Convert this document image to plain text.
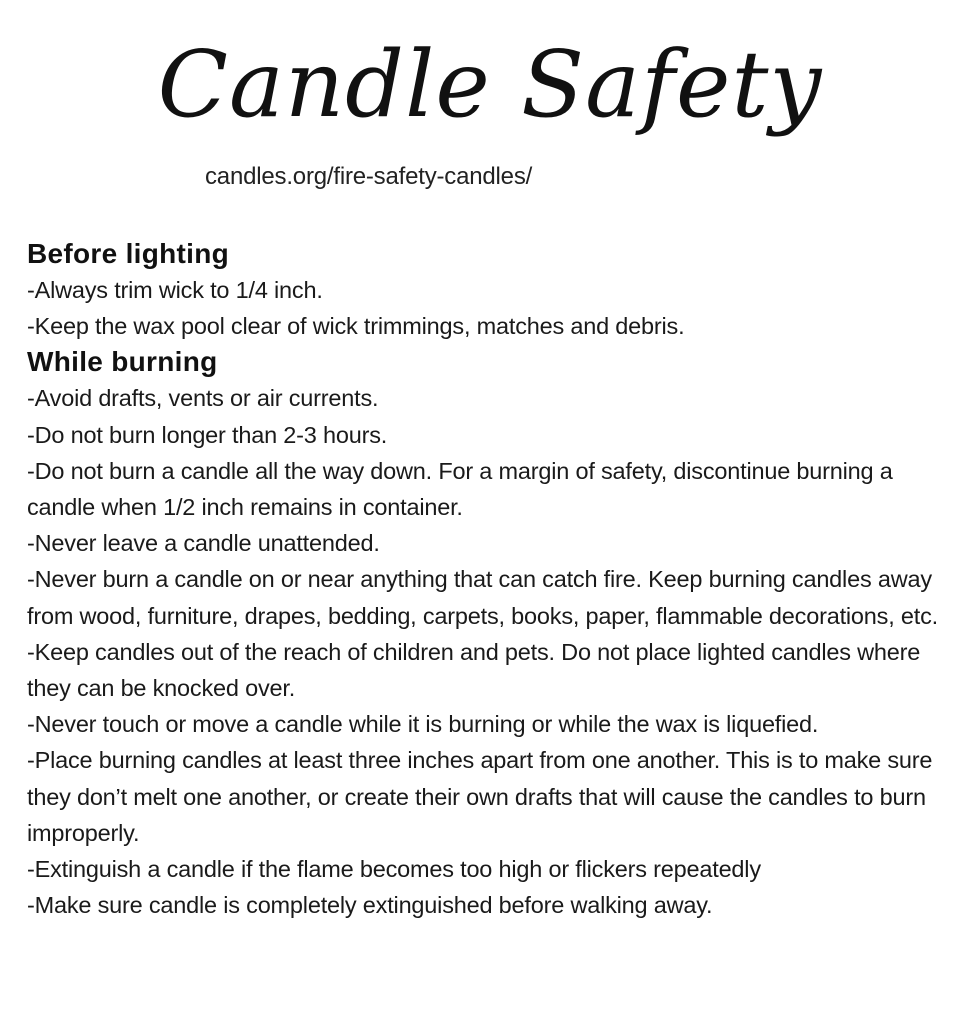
Candle Safety
candles.org/fire-safety-candles/

Before lighting

-Always trim wick to 1/4 inch.

-Keep the wax pool clear of wick trimmings, matches and debris.

While burning

-Avoid drafts, vents or air currents.

-Do not burn longer than 2-3 hours.

-Do not burn a candle all the way down. For a margin of safety, discontinue burning a candle when 1/2 inch remains in container.

-Never leave a candle unattended.

-Never burn a candle on or near anything that can catch fire. Keep burning candles away from wood, furniture, drapes, bedding, carpets, books, paper, flammable decorations, etc.

-Keep candles out of the reach of children and pets. Do not place lighted candles where they can be knocked over.

-Never touch or move a candle while it is burning or while the wax is liquefied.

-Place burning candles at least three inches apart from one another. This is to make sure they don’t melt one another, or create their own drafts that will cause the candles to burn improperly.

-Extinguish a candle if the flame becomes too high or flickers repeatedly

-Make sure candle is completely extinguished before walking away.
